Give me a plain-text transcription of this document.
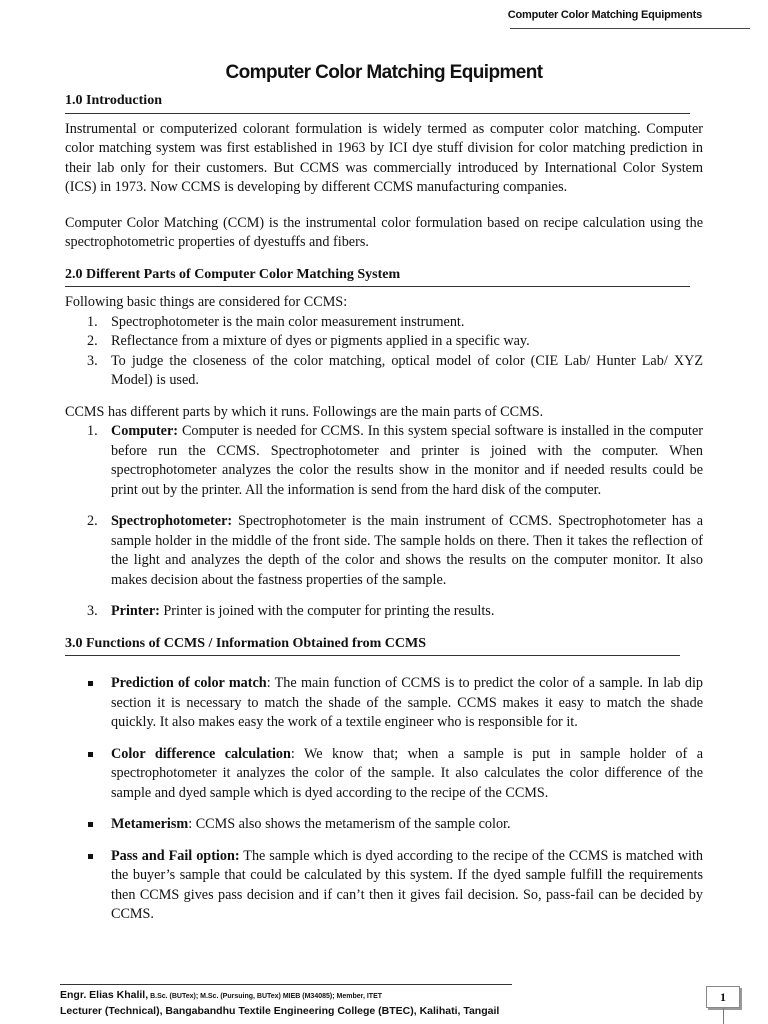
Computer Color Matching Equipments
Computer Color Matching Equipment
1.0 Introduction

Instrumental or computerized colorant formulation is widely termed as computer color matching. Computer color matching system was first established in 1963 by ICI dye stuff division for color matching prediction in their lab only for their customers. But CCMS was commercially introduced by International Color System (ICS) in 1973. Now CCMS is developing by different CCMS manufacturing companies.

Computer Color Matching (CCM) is the instrumental color formulation based on recipe calculation using the spectrophotometric properties of dyestuffs and fibers.

2.0 Different Parts of Computer Color Matching System

Following basic things are considered for CCMS:

1. Spectrophotometer is the main color measurement instrument.
2. Reflectance from a mixture of dyes or pigments applied in a specific way.
3. To judge the closeness of the color matching, optical model of color (CIE Lab/ Hunter Lab/ XYZ Model) is used.

CCMS has different parts by which it runs. Followings are the main parts of CCMS.

1. Computer: Computer is needed for CCMS. In this system special software is installed in the computer before run the CCMS. Spectrophotometer and printer is joined with the computer. When spectrophotometer analyzes the color the results show in the monitor and if needed results could be print out by the printer. All the information is send from the hard disk of the computer.
2. Spectrophotometer: Spectrophotometer is the main instrument of CCMS. Spectrophotometer has a sample holder in the middle of the front side. The sample holds on there. Then it takes the reflection of the light and analyzes the depth of the color and shows the results on the computer monitor. It also makes decision about the fastness properties of the sample.
3. Printer: Printer is joined with the computer for printing the results.
3.0 Functions of CCMS / Information Obtained from CCMS
Prediction of color match: The main function of CCMS is to predict the color of a sample. In lab dip section it is necessary to match the shade of the sample. CCMS makes it easy to match the shade quickly. It also makes easy the work of a textile engineer who is responsible for it.
Color difference calculation: We know that; when a sample is put in sample holder of a spectrophotometer it analyzes the color of the sample. It also calculates the color difference of the sample and dyed sample which is dyed according to the recipe of the CCMS.
Metamerism: CCMS also shows the metamerism of the sample color.
Pass and Fail option: The sample which is dyed according to the recipe of the CCMS is matched with the buyer’s sample that could be calculated by this system. If the dyed sample fulfill the requirements then CCMS gives pass decision and if can’t then it gives fail decision. So, pass-fail can be decided by CCMS.
Engr. Elias Khalil, B.Sc. (BUTex); M.Sc. (Pursuing, BUTex) MIEB (M34085); Member, ITET
Lecturer (Technical), Bangabandhu Textile Engineering College (BTEC), Kalihati, Tangail
1
